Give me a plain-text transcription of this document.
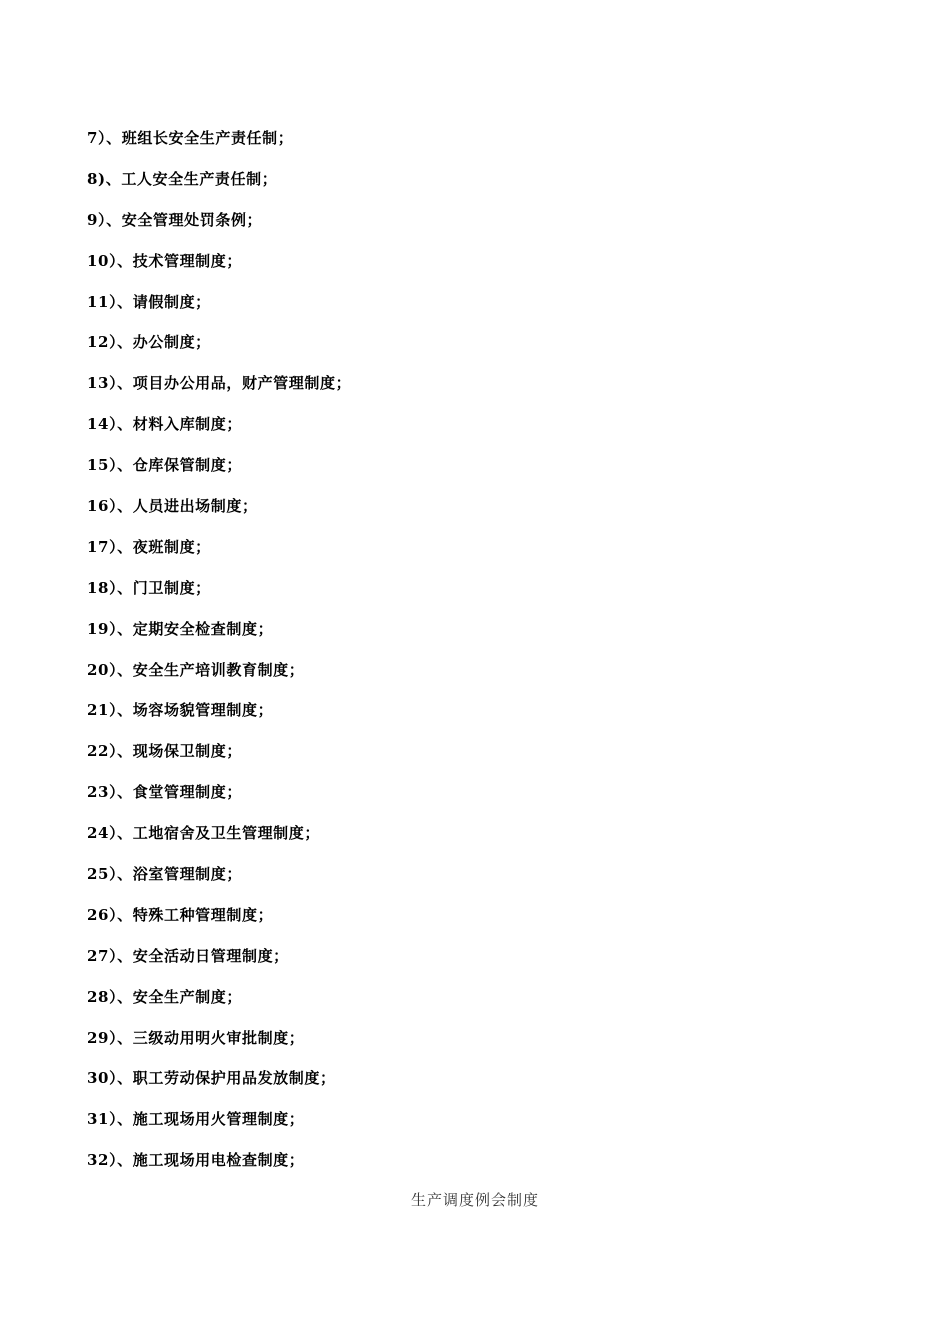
7）、班组长安全生产责任制；
8)、工人安全生产责任制；
9）、安全管理处罚条例；
10）、技术管理制度；
11）、请假制度；
12）、办公制度；
13）、项目办公用品，财产管理制度；
14）、材料入库制度；
15）、仓库保管制度；
16）、人员进出场制度；
17）、夜班制度；
18）、门卫制度；
19）、定期安全检查制度；
20）、安全生产培训教育制度；
21）、场容场貌管理制度；
22）、现场保卫制度；
23）、食堂管理制度；
24）、工地宿舍及卫生管理制度；
25）、浴室管理制度；
26）、特殊工种管理制度；
27）、安全活动日管理制度；
28）、安全生产制度；
29）、三级动用明火审批制度；
30）、职工劳动保护用品发放制度；
31）、施工现场用火管理制度；
32）、施工现场用电检查制度；
生产调度例会制度
